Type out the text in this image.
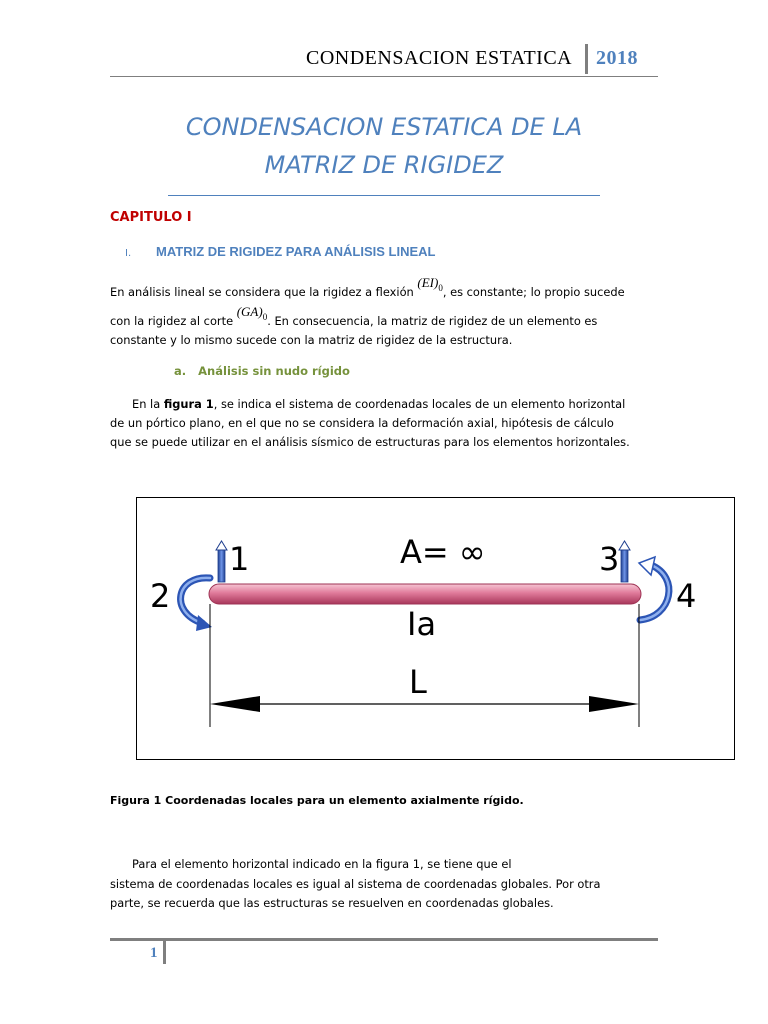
CONDENSACION ESTATICA 2018
CONDENSACION ESTATICA DE LA
MATRIZ DE RIGIDEZ
CAPITULO I
I. MATRIZ DE RIGIDEZ PARA ANÁLISIS LINEAL
En análisis lineal se considera que la rigidez a flexión $(EI)_0$, es constante; lo propio sucede
con la rigidez al corte $(GA)_0$. En consecuencia, la matriz de rigidez de un elemento es
constante y lo mismo sucede con la matriz de rigidez de la estructura.
a. Análisis sin nudo rígido
En la figura 1, se indica el sistema de coordenadas locales de un elemento horizontal
de un pórtico plano, en el que no se considera la deformación axial, hipótesis de cálculo
que se puede utilizar en el análisis sísmico de estructuras para los elementos horizontales.
1
2
3
4
A= ∞
Ia
L
Figura 1 Coordenadas locales para un elemento axialmente rígido.
Para el elemento horizontal indicado en la figura 1, se tiene que el
sistema de coordenadas locales es igual al sistema de coordenadas globales. Por otra
parte, se recuerda que las estructuras se resuelven en coordenadas globales.
1
